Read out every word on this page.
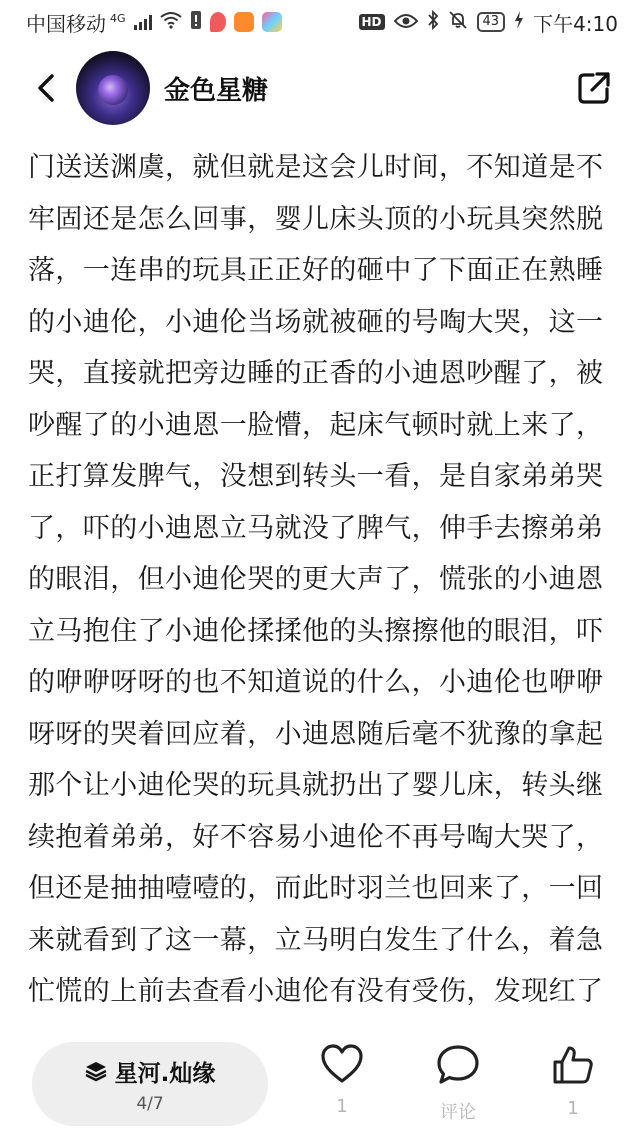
中国移动 4G	HD	43	下午4:10
金色星糖
门送送渊虞，就但就是这会儿时间，不知道是不牢固还是怎么回事，婴儿床头顶的小玩具突然脱落，一连串的玩具正正好的砸中了下面正在熟睡的小迪伦，小迪伦当场就被砸的号啕大哭，这一哭，直接就把旁边睡的正香的小迪恩吵醒了，被吵醒了的小迪恩一脸懵，起床气顿时就上来了，正打算发脾气，没想到转头一看，是自家弟弟哭了，吓的小迪恩立马就没了脾气，伸手去擦弟弟的眼泪，但小迪伦哭的更大声了，慌张的小迪恩立马抱住了小迪伦揉揉他的头擦擦他的眼泪，吓的咿咿呀呀的也不知道说的什么，小迪伦也咿咿呀呀的哭着回应着，小迪恩随后毫不犹豫的拿起那个让小迪伦哭的玩具就扔出了婴儿床，转头继续抱着弟弟，好不容易小迪伦不再号啕大哭了，但还是抽抽噎噎的，而此时羽兰也回来了，一回来就看到了这一幕，立马明白发生了什么，着急忙慌的上前去查看小迪伦有没有受伤，发现红了
星河.灿缘
4/7	1	评论	1
